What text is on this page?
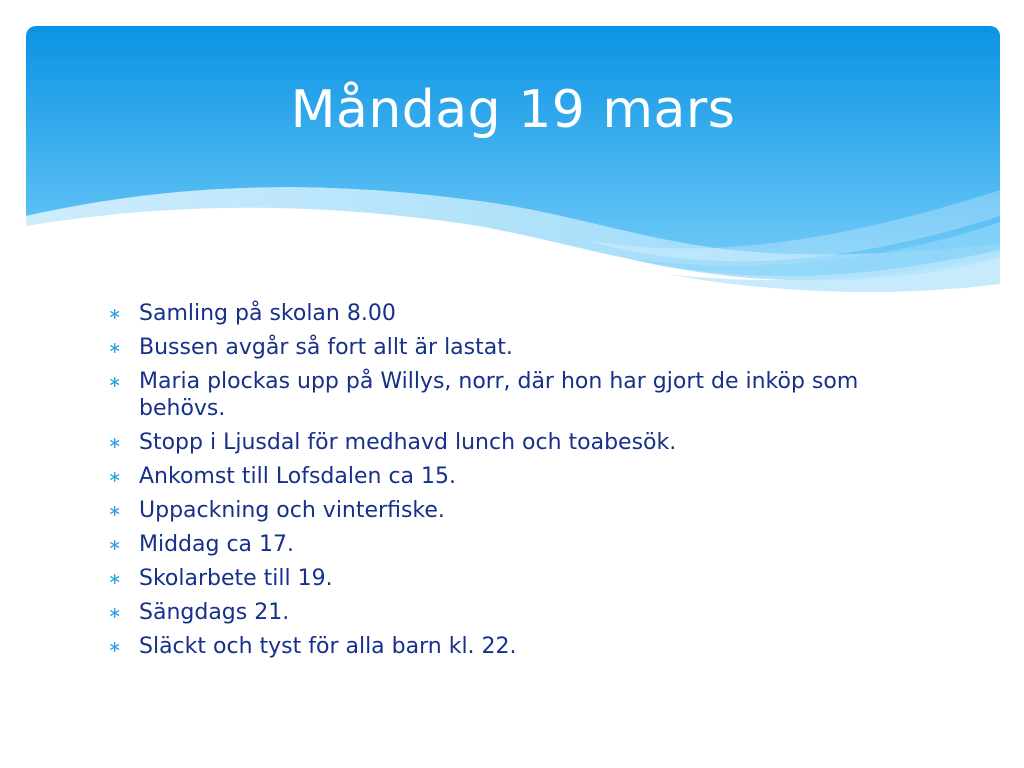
Måndag 19 mars
∗ Samling på skolan 8.00
∗ Bussen avgår så fort allt är lastat.
∗ Maria plockas upp på Willys, norr, där hon har gjort de inköp som behövs.
∗ Stopp i Ljusdal för medhavd lunch och toabesök.
∗ Ankomst till Lofsdalen ca 15.
∗ Uppackning och vinterfiske.
∗ Middag ca 17.
∗ Skolarbete till 19.
∗ Sängdags 21.
∗ Släckt och tyst för alla barn kl. 22.
